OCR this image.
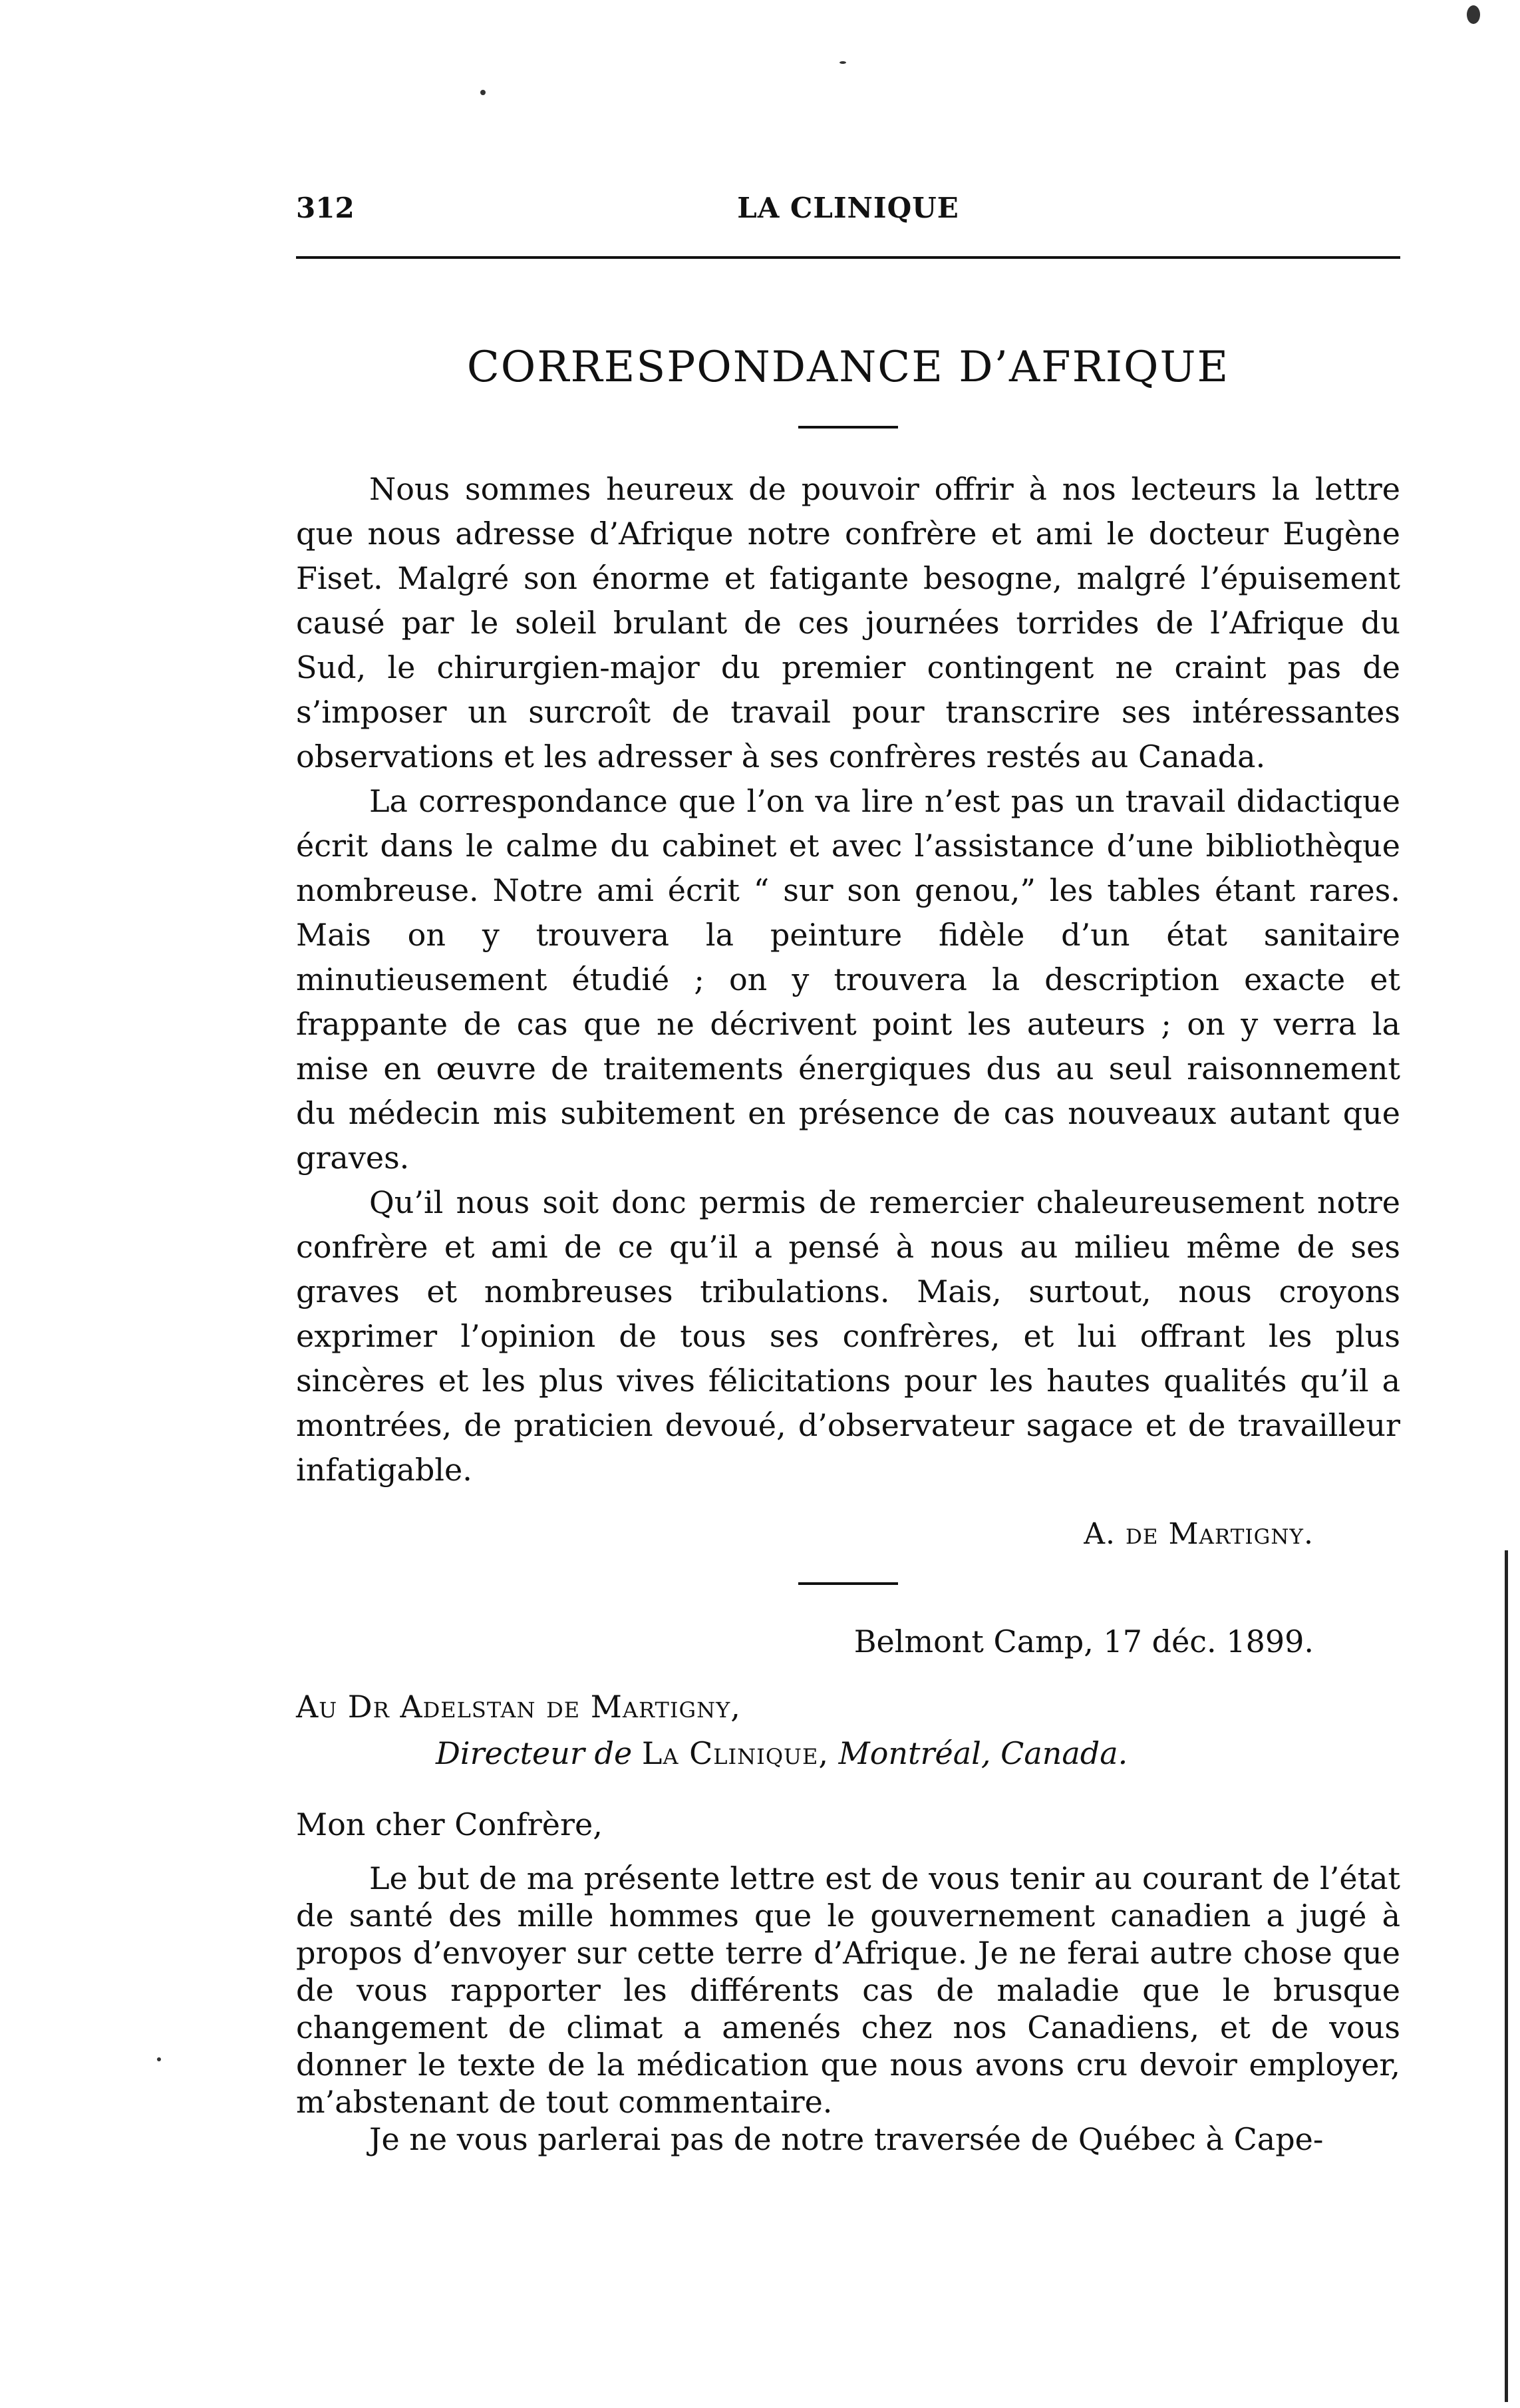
312	LA CLINIQUE
CORRESPONDANCE D’AFRIQUE

Nous sommes heureux de pouvoir offrir à nos lecteurs la lettre que nous adresse d’Afrique notre confrère et ami le docteur Eugène Fiset. Malgré son énorme et fatigante besogne, malgré l’épuisement causé par le soleil brulant de ces journées torrides de l’Afrique du Sud, le chirurgien-major du premier contingent ne craint pas de s’imposer un surcroît de travail pour transcrire ses intéressantes observations et les adresser à ses confrères restés au Canada.

La correspondance que l’on va lire n’est pas un travail didactique écrit dans le calme du cabinet et avec l’assistance d’une bibliothèque nombreuse. Notre ami écrit “ sur son genou,” les tables étant rares. Mais on y trouvera la peinture fidèle d’un état sanitaire minutieusement étudié ; on y trouvera la description exacte et frappante de cas que ne décrivent point les auteurs ; on y verra la mise en œuvre de traitements énergiques dus au seul raisonnement du médecin mis subitement en présence de cas nouveaux autant que graves.

Qu’il nous soit donc permis de remercier chaleureusement notre confrère et ami de ce qu’il a pensé à nous au milieu même de ses graves et nombreuses tribulations. Mais, surtout, nous croyons exprimer l’opinion de tous ses confrères, et lui offrant les plus sincères et les plus vives félicitations pour les hautes qualités qu’il a montrées, de praticien devoué, d’observateur sagace et de travailleur infatigable.

A. de Martigny.
Belmont Camp, 17 déc. 1899.
Au Dr Adelstan de Martigny,
Directeur de La Clinique, Montréal, Canada.
Mon cher Confrère,

Le but de ma présente lettre est de vous tenir au courant de l’état de santé des mille hommes que le gouvernement canadien a jugé à propos d’envoyer sur cette terre d’Afrique. Je ne ferai autre chose que de vous rapporter les différents cas de maladie que le brusque changement de climat a amenés chez nos Canadiens, et de vous donner le texte de la médication que nous avons cru devoir employer, m’abstenant de tout commentaire.

Je ne vous parlerai pas de notre traversée de Québec à Cape-
